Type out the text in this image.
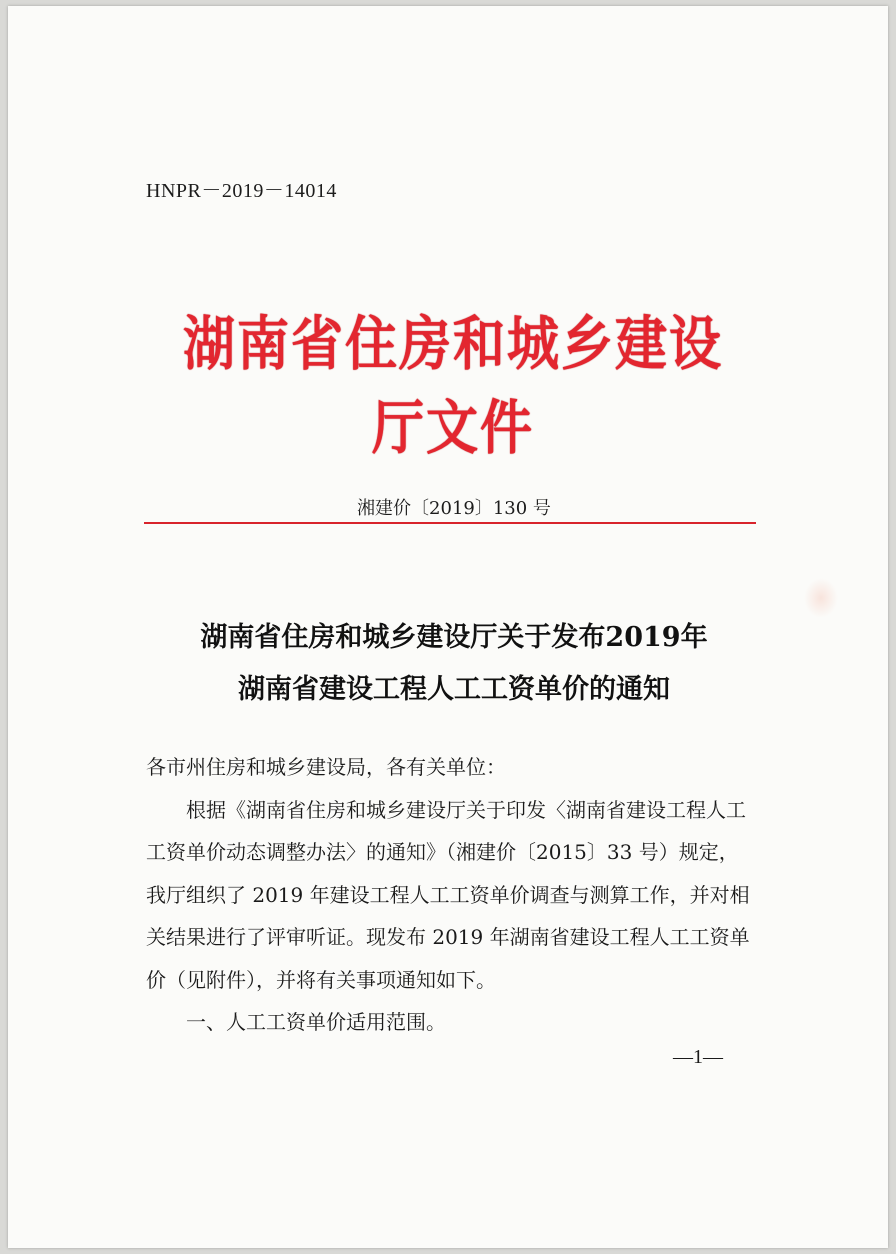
HNPR－2019－14014
湖南省住房和城乡建设厅文件
湘建价〔2019〕130 号
湖南省住房和城乡建设厅关于发布2019年
湖南省建设工程人工工资单价的通知

各市州住房和城乡建设局，各有关单位：

根据《湖南省住房和城乡建设厅关于印发〈湖南省建设工程人工工资单价动态调整办法〉的通知》（湘建价〔2015〕33 号）规定，我厅组织了 2019 年建设工程人工工资单价调查与测算工作，并对相关结果进行了评审听证。现发布 2019 年湖南省建设工程人工工资单价（见附件），并将有关事项通知如下。

一、人工工资单价适用范围。

—1—
